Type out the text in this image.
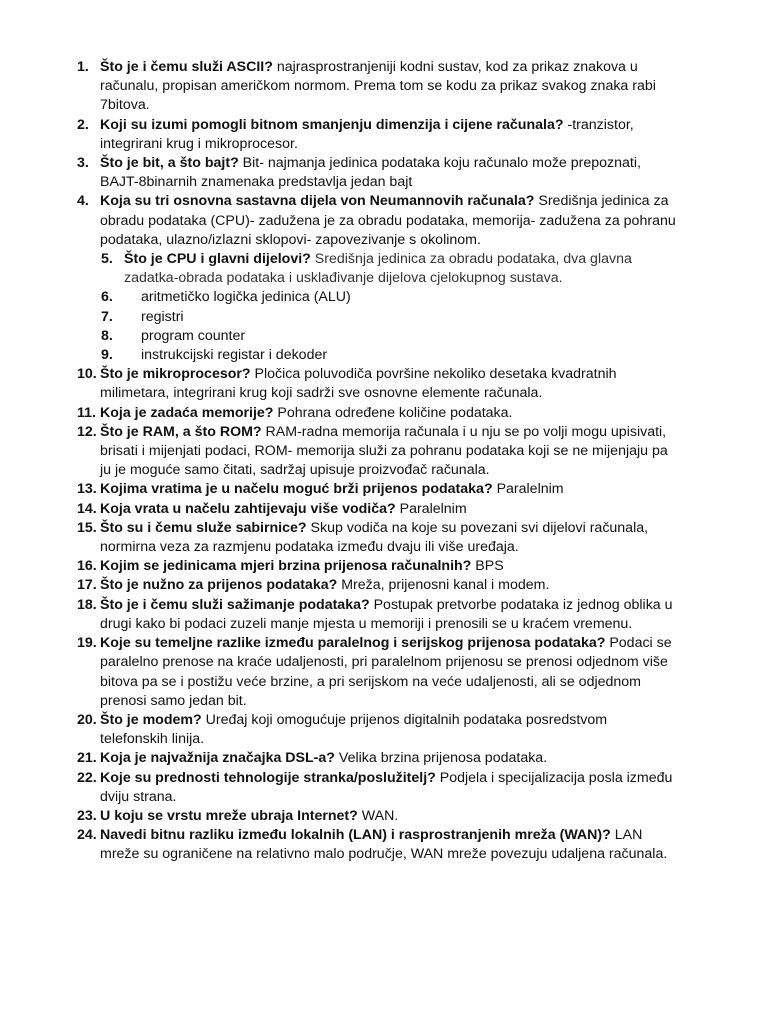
1. Što je i čemu služi ASCII? najrasprostranjeniji kodni sustav, kod za prikaz znakova u računalu, propisan američkom normom. Prema tom se kodu za prikaz svakog znaka rabi 7bitova.
2. Koji su izumi pomogli bitnom smanjenju dimenzija i cijene računala? -tranzistor, integrirani krug i mikroprocesor.
3. Što je bit, a što bajt? Bit- najmanja jedinica podataka koju računalo može prepoznati, BAJT-8binarnih znamenaka predstavlja jedan bajt
4. Koja su tri osnovna sastavna dijela von Neumannovih računala? Središnja jedinica za obradu podataka (CPU)- zadužena je za obradu podataka, memorija- zadužena za pohranu podataka, ulazno/izlazni sklopovi- zapovezivanje s okolinom.
5. Što je CPU i glavni dijelovi? Središnja jedinica za obradu podataka, dva glavna zadatka-obrada podataka i usklađivanje dijelova cjelokupnog sustava.
6. aritmetičko logička jedinica (ALU)
7. registri
8. program counter
9. instrukcijski registar i dekoder
10. Što je mikroprocesor? Pločica poluvodiča površine nekoliko desetaka kvadratnih milimetara, integrirani krug koji sadrži sve osnovne elemente računala.
11. Koja je zadaća memorije? Pohrana određene količine podataka.
12. Što je RAM, a što ROM? RAM-radna memorija računala i u nju se po volji mogu upisivati, brisati i mijenjati podaci, ROM- memorija služi za pohranu podataka koji se ne mijenjaju pa ju je moguće samo čitati, sadržaj upisuje proizvođač računala.
13. Kojima vratima je u načelu moguć brži prijenos podataka? Paralelnim
14. Koja vrata u načelu zahtijevaju više vodiča? Paralelnim
15. Što su i čemu služe sabirnice? Skup vodiča na koje su povezani svi dijelovi računala, normirna veza za razmjenu podataka između dvaju ili više uređaja.
16. Kojim se jedinicama mjeri brzina prijenosa računalnih? BPS
17. Što je nužno za prijenos podataka? Mreža, prijenosni kanal i modem.
18. Što je i čemu služi sažimanje podataka? Postupak pretvorbe podataka iz jednog oblika u drugi kako bi podaci zuzeli manje mjesta u memoriji i prenosili se u kraćem vremenu.
19. Koje su temeljne razlike između paralelnog i serijskog prijenosa podataka? Podaci se paralelno prenose na kraće udaljenosti, pri paralelnom prijenosu se prenosi odjednom više bitova pa se i postižu veće brzine, a pri serijskom na veće udaljenosti, ali se odjednom prenosi samo jedan bit.
20. Što je modem? Uređaj koji omogućuje prijenos digitalnih podataka posredstvom telefonskih linija.
21. Koja je najvažnija značajka DSL-a? Velika brzina prijenosa podataka.
22. Koje su prednosti tehnologije stranka/poslužitelj? Podjela i specijalizacija posla između dviju strana.
23. U koju se vrstu mreže ubraja Internet? WAN.
24. Navedi bitnu razliku između lokalnih (LAN) i rasprostranjenih mreža (WAN)? LAN mreže su ograničene na relativno malo područje, WAN mreže povezuju udaljena računala.
